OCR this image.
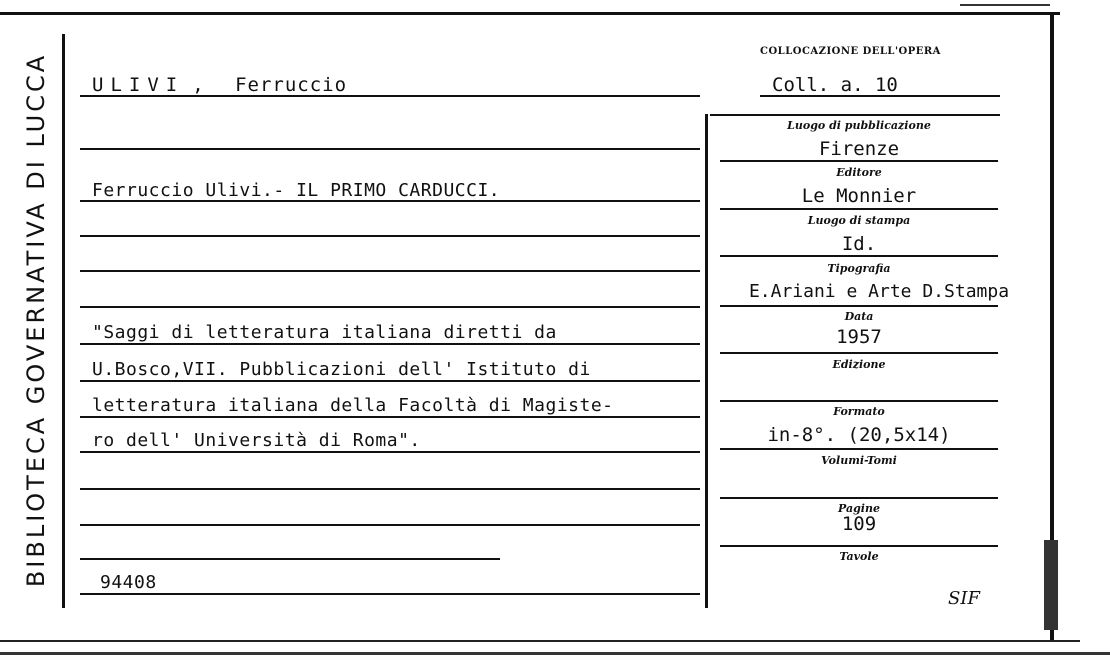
BIBLIOTECA GOVERNATIVA DI LUCCA ULIVI , Ferruccio
Ferruccio Ulivi.- IL PRIMO CARDUCCI.
"Saggi di letteratura italiana diretti da
U.Bosco,VII. Pubblicazioni dell' Istituto di
letteratura italiana della Facoltà di Magiste-
ro dell' Università di Roma".
94408
COLLOCAZIONE DELL'OPERA
Coll. a. 10
Luogo di pubblicazione
Firenze
Editore
Le Monnier
Luogo di stampa
Id.
Tipografia
E.Ariani e Arte D.Stampa
Data
1957
Edizione
Formato
in-8°. (20,5x14)
Volumi-Tomi
Pagine
109
Tavole
SIF
